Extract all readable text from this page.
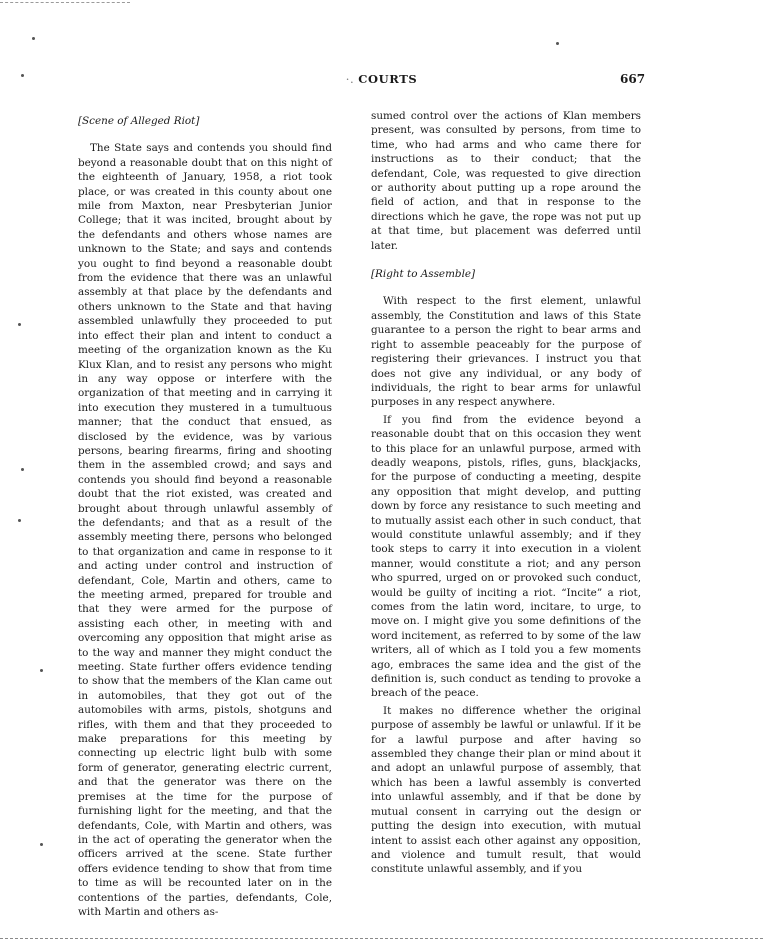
·. COURTS	667
[Scene of Alleged Riot]

The State says and contends you should find beyond a reasonable doubt that on this night of the eighteenth of January, 1958, a riot took place, or was created in this county about one mile from Maxton, near Presbyterian Junior College; that it was incited, brought about by the defendants and others whose names are unknown to the State; and says and contends you ought to find beyond a reasonable doubt from the evidence that there was an unlawful assembly at that place by the defendants and others unknown to the State and that having assembled unlawfully they proceeded to put into effect their plan and intent to conduct a meeting of the organization known as the Ku Klux Klan, and to resist any persons who might in any way oppose or interfere with the organization of that meeting and in carrying it into execution they mustered in a tumultuous manner; that the conduct that ensued, as disclosed by the evidence, was by various persons, bearing firearms, firing and shooting them in the assembled crowd; and says and contends you should find beyond a reasonable doubt that the riot existed, was created and brought about through unlawful assembly of the defendants; and that as a result of the assembly meeting there, persons who belonged to that organization and came in response to it and acting under control and instruction of defendant, Cole, Martin and others, came to the meeting armed, prepared for trouble and that they were armed for the purpose of assisting each other, in meeting with and overcoming any opposition that might arise as to the way and manner they might conduct the meeting. State further offers evidence tending to show that the members of the Klan came out in automobiles, that they got out of the automobiles with arms, pistols, shotguns and rifles, with them and that they proceeded to make preparations for this meeting by connecting up electric light bulb with some form of generator, generating electric current, and that the generator was there on the premises at the time for the purpose of furnishing light for the meeting, and that the defendants, Cole, with Martin and others, was in the act of operating the generator when the officers arrived at the scene. State further offers evidence tending to show that from time to time as will be recounted later on in the contentions of the parties, defendants, Cole, with Martin and others as-

sumed control over the actions of Klan members present, was consulted by persons, from time to time, who had arms and who came there for instructions as to their conduct; that the defendant, Cole, was requested to give direction or authority about putting up a rope around the field of action, and that in response to the directions which he gave, the rope was not put up at that time, but placement was deferred until later.

[Right to Assemble]

With respect to the first element, unlawful assembly, the Constitution and laws of this State guarantee to a person the right to bear arms and right to assemble peaceably for the purpose of registering their grievances. I instruct you that does not give any individual, or any body of individuals, the right to bear arms for unlawful purposes in any respect anywhere.

If you find from the evidence beyond a reasonable doubt that on this occasion they went to this place for an unlawful purpose, armed with deadly weapons, pistols, rifles, guns, blackjacks, for the purpose of conducting a meeting, despite any opposition that might develop, and putting down by force any resistance to such meeting and to mutually assist each other in such conduct, that would constitute unlawful assembly; and if they took steps to carry it into execution in a violent manner, would constitute a riot; and any person who spurred, urged on or provoked such conduct, would be guilty of inciting a riot. “Incite” a riot, comes from the latin word, incitare, to urge, to move on. I might give you some definitions of the word incitement, as referred to by some of the law writers, all of which as I told you a few moments ago, embraces the same idea and the gist of the definition is, such conduct as tending to provoke a breach of the peace.

It makes no difference whether the original purpose of assembly be lawful or unlawful. If it be for a lawful purpose and after having so assembled they change their plan or mind about it and adopt an unlawful purpose of assembly, that which has been a lawful assembly is converted into unlawful assembly, and if that be done by mutual consent in carrying out the design or putting the design into execution, with mutual intent to assist each other against any opposition, and violence and tumult result, that would constitute unlawful assembly, and if you
